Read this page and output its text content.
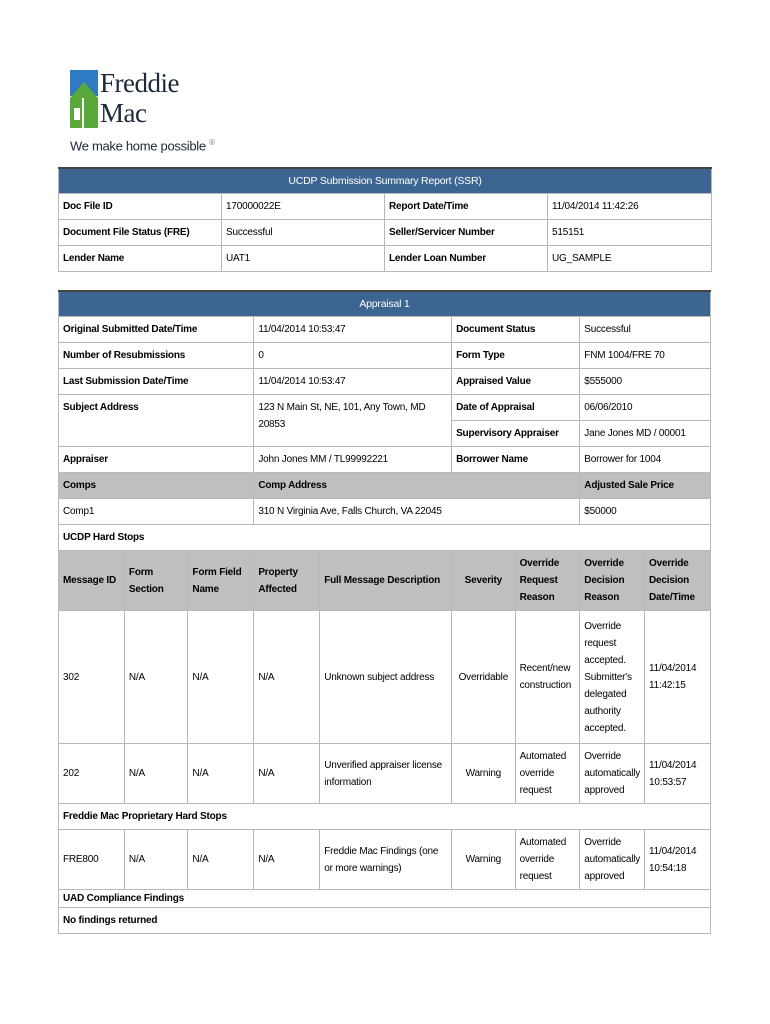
Freddie
Mac
We make home possible ®
UCDP Submission Summary Report (SSR)			
Doc File ID	170000022E	Report Date/Time	11/04/2014 11:42:26
Document File Status (FRE)	Successful	Seller/Servicer Number	515151
Lender Name	UAT1	Lender Loan Number	UG_SAMPLE
Appraisal 1								
Original Submitted Date/Time			11/04/2014 10:53:47		Document Status		Successful	
Number of Resubmissions			0		Form Type		FNM 1004/FRE 70	
Last Submission Date/Time			11/04/2014 10:53:47		Appraised Value		$555000	
Subject Address			123 N Main St, NE, 101, Any Town, MD 20853		Date of Appraisal		06/06/2010	
					Supervisory Appraiser		Jane Jones MD / 00001	
Appraiser			John Jones MM / TL99992221		Borrower Name		Borrower for 1004	
Comps			Comp Address				Adjusted Sale Price	
Comp1			310 N Virginia Ave, Falls Church, VA 22045				$50000	
UCDP Hard Stops								
Message ID	Form Section	Form Field Name	Property Affected	Full Message Description	Severity	Override Request Reason	Override Decision Reason	Override Decision Date/Time
302	N/A	N/A	N/A	Unknown subject address	Overridable	Recent/new construction	Override request accepted. Submitter's delegated authority accepted.	11/04/2014 11:42:15
202	N/A	N/A	N/A	Unverified appraiser license information	Warning	Automated override request	Override automatically approved	11/04/2014 10:53:57
Freddie Mac Proprietary Hard Stops								
FRE800	N/A	N/A	N/A	Freddie Mac Findings (one or more warnings)	Warning	Automated override request	Override automatically approved	11/04/2014 10:54:18
UAD Compliance Findings								
No findings returned								
